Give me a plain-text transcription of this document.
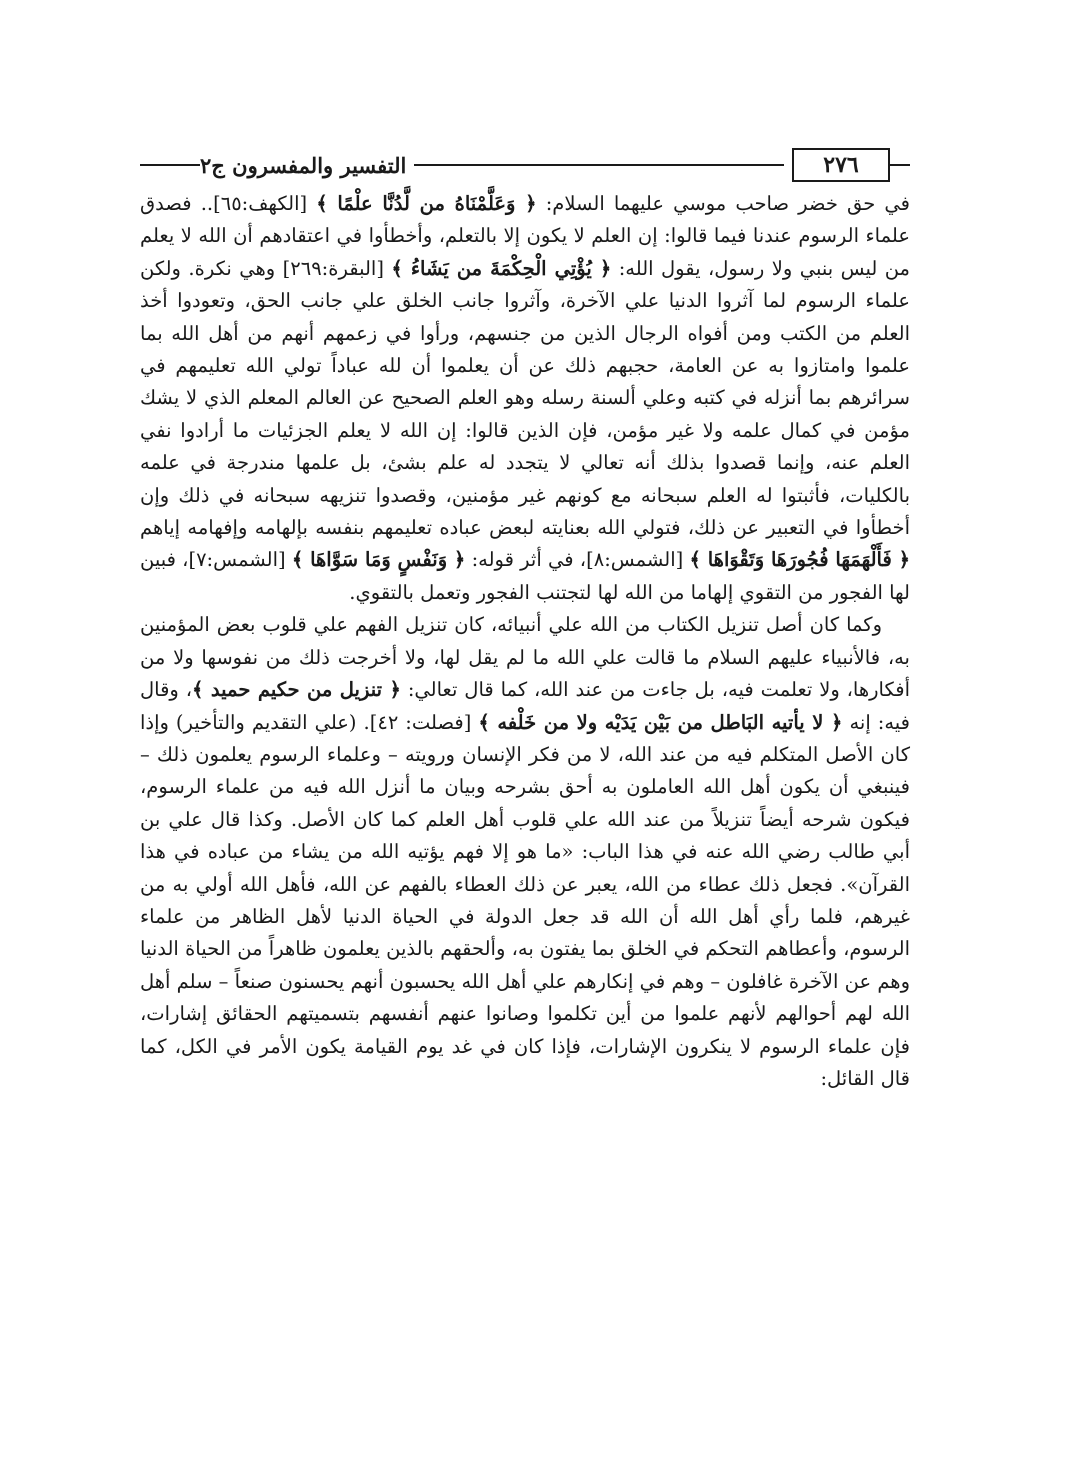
٢٧٦
التفسير والمفسرون ج٢

في حق خضر صاحب موسي عليهما السلام: ﴿ وَعَلَّمْنَاهُ من لَّدُنَّا علْمًا ﴾ [الكهف:٦٥].. فصدق علماء الرسوم عندنا فيما قالوا: إن العلم لا يكون إلا بالتعلم، وأخطأوا في اعتقادهم أن الله لا يعلم من ليس بنبي ولا رسول، يقول الله: ﴿ يُؤْتِي الْحِكْمَةَ من يَشَاءُ ﴾ [البقرة:٢٦٩] وهي نكرة. ولكن علماء الرسوم لما آثروا الدنيا علي الآخرة، وآثروا جانب الخلق علي جانب الحق، وتعودوا أخذ العلم من الكتب ومن أفواه الرجال الذين من جنسهم، ورأوا في زعمهم أنهم من أهل الله بما علموا وامتازوا به عن العامة، حجبهم ذلك عن أن يعلموا أن لله عباداً تولي الله تعليمهم في سرائرهم بما أنزله في كتبه وعلي ألسنة رسله وهو العلم الصحيح عن العالم المعلم الذي لا يشك مؤمن في كمال علمه ولا غير مؤمن، فإن الذين قالوا: إن الله لا يعلم الجزئيات ما أرادوا نفي العلم عنه، وإنما قصدوا بذلك أنه تعالي لا يتجدد له علم بشئ، بل علمها مندرجة في علمه بالكليات، فأثبتوا له العلم سبحانه مع كونهم غير مؤمنين، وقصدوا تنزيهه سبحانه في ذلك وإن أخطأوا في التعبير عن ذلك، فتولي الله بعنايته لبعض عباده تعليمهم بنفسه بإلهامه وإفهامه إياهم ﴿ فَأَلْهَمَهَا فُجُورَهَا وَتَقْوَاهَا ﴾ [الشمس:٨]، في أثر قوله: ﴿ وَنَفْسٍ وَمَا سَوَّاهَا ﴾ [الشمس:٧]، فبين لها الفجور من التقوي إلهاما من الله لها لتجتنب الفجور وتعمل بالتقوي.

وكما كان أصل تنزيل الكتاب من الله علي أنبيائه، كان تنزيل الفهم علي قلوب بعض المؤمنين به، فالأنبياء عليهم السلام ما قالت علي الله ما لم يقل لها، ولا أخرجت ذلك من نفوسها ولا من أفكارها، ولا تعلمت فيه، بل جاءت من عند الله، كما قال تعالي: ﴿ تنزيل من حكيم حميد ﴾، وقال فيه: إنه ﴿ لا يأتيه البَاطل من بَيْن يَدَيْه ولا من خَلْفه ﴾ [فصلت: ٤٢]. (علي التقديم والتأخير) وإذا كان الأصل المتكلم فيه من عند الله، لا من فكر الإنسان ورويته – وعلماء الرسوم يعلمون ذلك – فينبغي أن يكون أهل الله العاملون به أحق بشرحه وبيان ما أنزل الله فيه من علماء الرسوم، فيكون شرحه أيضاً تنزيلاً من عند الله علي قلوب أهل العلم كما كان الأصل. وكذا قال علي بن أبي طالب رضي الله عنه في هذا الباب: «ما هو إلا فهم يؤتيه الله من يشاء من عباده في هذا القرآن». فجعل ذلك عطاء من الله، يعبر عن ذلك العطاء بالفهم عن الله، فأهل الله أولي به من غيرهم، فلما رأي أهل الله أن الله قد جعل الدولة في الحياة الدنيا لأهل الظاهر من علماء الرسوم، وأعطاهم التحكم في الخلق بما يفتون به، وألحقهم بالذين يعلمون ظاهراً من الحياة الدنيا وهم عن الآخرة غافلون – وهم في إنكارهم علي أهل الله يحسبون أنهم يحسنون صنعاً – سلم أهل الله لهم أحوالهم لأنهم علموا من أين تكلموا وصانوا عنهم أنفسهم بتسميتهم الحقائق إشارات، فإن علماء الرسوم لا ينكرون الإشارات، فإذا كان في غد يوم القيامة يكون الأمر في الكل، كما قال القائل:
